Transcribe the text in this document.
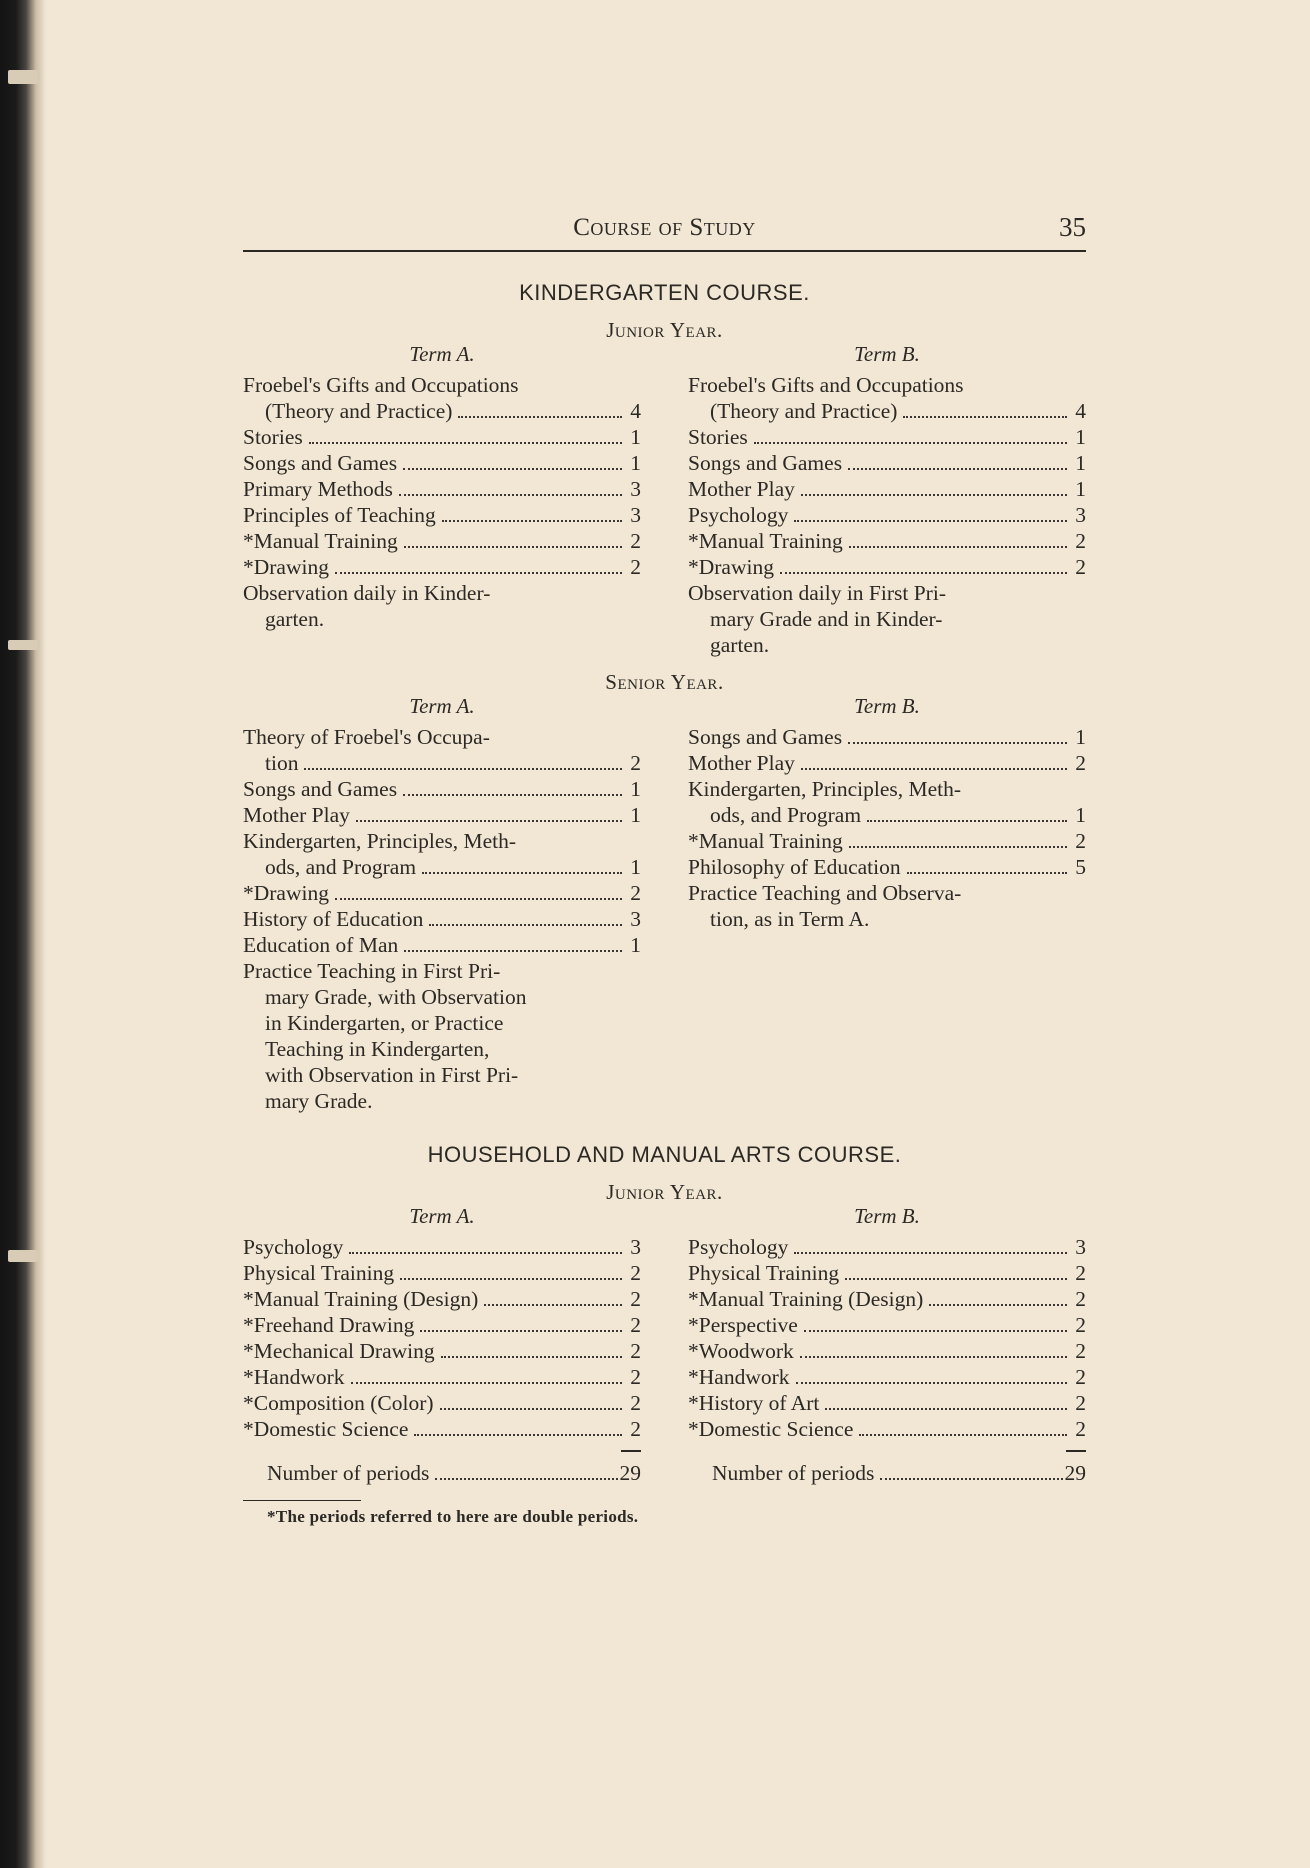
Course of Study	35
KINDERGARTEN COURSE.
Junior Year.
Term A.
Froebel's Gifts and Occupations
(Theory and Practice)	4
Stories	1
Songs and Games	1
Primary Methods	3
Principles of Teaching	3
*Manual Training	2
*Drawing	2
Observation daily in Kinder-
garten.
Term B.
Froebel's Gifts and Occupations
(Theory and Practice)	4
Stories	1
Songs and Games	1
Mother Play	1
Psychology	3
*Manual Training	2
*Drawing	2
Observation daily in First Pri-
mary Grade and in Kinder-
garten.
Senior Year.
Term A.
Theory of Froebel's Occupa-
tion	2
Songs and Games	1
Mother Play	1
Kindergarten, Principles, Meth-
ods, and Program	1
*Drawing	2
History of Education	3
Education of Man	1
Practice Teaching in First Pri-
mary Grade, with Observation
in Kindergarten, or Practice
Teaching in Kindergarten,
with Observation in First Pri-
mary Grade.
Term B.
Songs and Games	1
Mother Play	2
Kindergarten, Principles, Meth-
ods, and Program	1
*Manual Training	2
Philosophy of Education	5
Practice Teaching and Observa-
tion, as in Term A.
HOUSEHOLD AND MANUAL ARTS COURSE.
Junior Year.
Term A.
Psychology	3
Physical Training	2
*Manual Training (Design)	2
*Freehand Drawing	2
*Mechanical Drawing	2
*Handwork	2
*Composition (Color)	2
*Domestic Science	2
Number of periods	29
Term B.
Psychology	3
Physical Training	2
*Manual Training (Design)	2
*Perspective	2
*Woodwork	2
*Handwork	2
*History of Art	2
*Domestic Science	2
Number of periods	29
*The periods referred to here are double periods.
